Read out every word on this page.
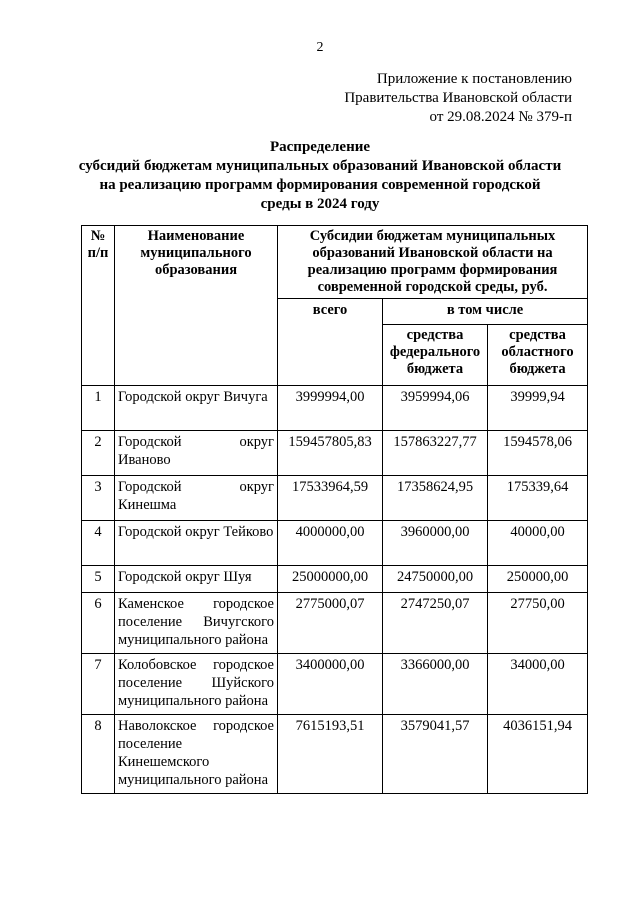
2
Приложение к постановлению
Правительства Ивановской области
от 29.08.2024 № 379-п
Распределение
субсидий бюджетам муниципальных образований Ивановской области
на реализацию программ формирования современной городской
среды в 2024 году
№ п/п	Наименование муниципального образования	Субсидии бюджетам муниципальных образований Ивановской области на реализацию программ формирования современной городской среды, руб.		
		всего	в том числе	
			средства федерального бюджета	средства областного бюджета
1	Городской округ Вичуга	3999994,00	3959994,06	39999,94
2	Городской округ Иваново	159457805,83	157863227,77	1594578,06
3	Городской округ Кинешма	17533964,59	17358624,95	175339,64
4	Городской округ Тейково	4000000,00	3960000,00	40000,00
5	Городской округ Шуя	25000000,00	24750000,00	250000,00
6	Каменское городское поселение Вичугского муниципального района	2775000,07	2747250,07	27750,00
7	Колобовское городское поселение Шуйского муниципального района	3400000,00	3366000,00	34000,00
8	Наволокское городское поселение Кинешемского муниципального района	7615193,51	3579041,57	4036151,94
